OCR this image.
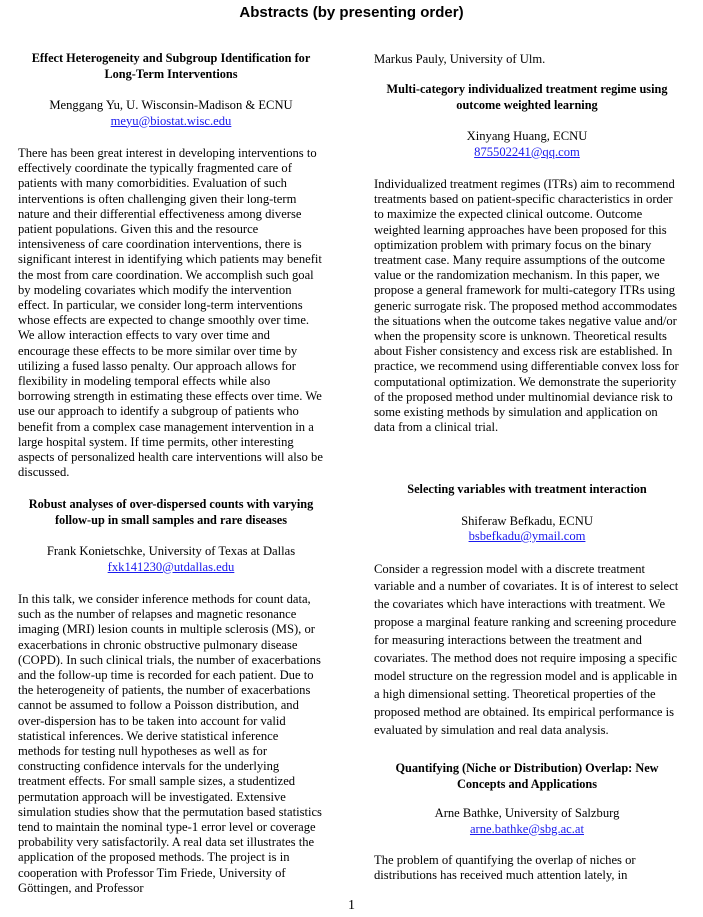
Abstracts (by presenting order)
Effect Heterogeneity and Subgroup Identification for Long-Term Interventions
Menggang Yu, U. Wisconsin-Madison & ECNU
meyu@biostat.wisc.edu
There has been great interest in developing interventions to effectively coordinate the typically fragmented care of patients with many comorbidities. Evaluation of such interventions is often challenging given their long-term nature and their differential effectiveness among diverse patient populations. Given this and the resource intensiveness of care coordination interventions, there is significant interest in identifying which patients may benefit the most from care coordination. We accomplish such goal by modeling covariates which modify the intervention effect. In particular, we consider long-term interventions whose effects are expected to change smoothly over time. We allow interaction effects to vary over time and encourage these effects to be more similar over time by utilizing a fused lasso penalty. Our approach allows for flexibility in modeling temporal effects while also borrowing strength in estimating these effects over time. We use our approach to identify a subgroup of patients who benefit from a complex case management intervention in a large hospital system. If time permits, other interesting aspects of personalized health care interventions will also be discussed.
Robust analyses of over-dispersed counts with varying follow-up in small samples and rare diseases
Frank Konietschke, University of Texas at Dallas
fxk141230@utdallas.edu
In this talk, we consider inference methods for count data, such as the number of relapses and magnetic resonance imaging (MRI) lesion counts in multiple sclerosis (MS), or exacerbations in chronic obstructive pulmonary disease (COPD). In such clinical trials, the number of exacerbations and the follow-up time is recorded for each patient. Due to the heterogeneity of patients, the number of exacerbations cannot be assumed to follow a Poisson distribution, and over-dispersion has to be taken into account for valid statistical inferences. We derive statistical inference methods for testing null hypotheses as well as for constructing confidence intervals for the underlying treatment effects. For small sample sizes, a studentized permutation approach will be investigated. Extensive simulation studies show that the permutation based statistics tend to maintain the nominal type-1 error level or coverage probability very satisfactorily. A real data set illustrates the application of the proposed methods. The project is in cooperation with Professor Tim Friede, University of Göttingen, and Professor
Markus Pauly, University of Ulm.
Multi-category individualized treatment regime using outcome weighted learning
Xinyang Huang, ECNU
875502241@qq.com
Individualized treatment regimes (ITRs) aim to recommend treatments based on patient-specific characteristics in order to maximize the expected clinical outcome. Outcome weighted learning approaches have been proposed for this optimization problem with primary focus on the binary treatment case. Many require assumptions of the outcome value or the randomization mechanism. In this paper, we propose a general framework for multi-category ITRs using generic surrogate risk. The proposed method accommodates the situations when the outcome takes negative value and/or when the propensity score is unknown. Theoretical results about Fisher consistency and excess risk are established. In practice, we recommend using differentiable convex loss for computational optimization. We demonstrate the superiority of the proposed method under multinomial deviance risk to some existing methods by simulation and application on data from a clinical trial.
Selecting variables with treatment interaction
Shiferaw Befkadu, ECNU
bsbefkadu@ymail.com
Consider a regression model with a discrete treatment variable and a number of covariates. It is of interest to select the covariates which have interactions with treatment. We propose a marginal feature ranking and screening procedure for measuring interactions between the treatment and covariates. The method does not require imposing a specific model structure on the regression model and is applicable in a high dimensional setting. Theoretical properties of the proposed method are obtained. Its empirical performance is evaluated by simulation and real data analysis.
Quantifying (Niche or Distribution) Overlap: New Concepts and Applications
Arne Bathke, University of Salzburg
arne.bathke@sbg.ac.at
The problem of quantifying the overlap of niches or distributions has received much attention lately, in
1
